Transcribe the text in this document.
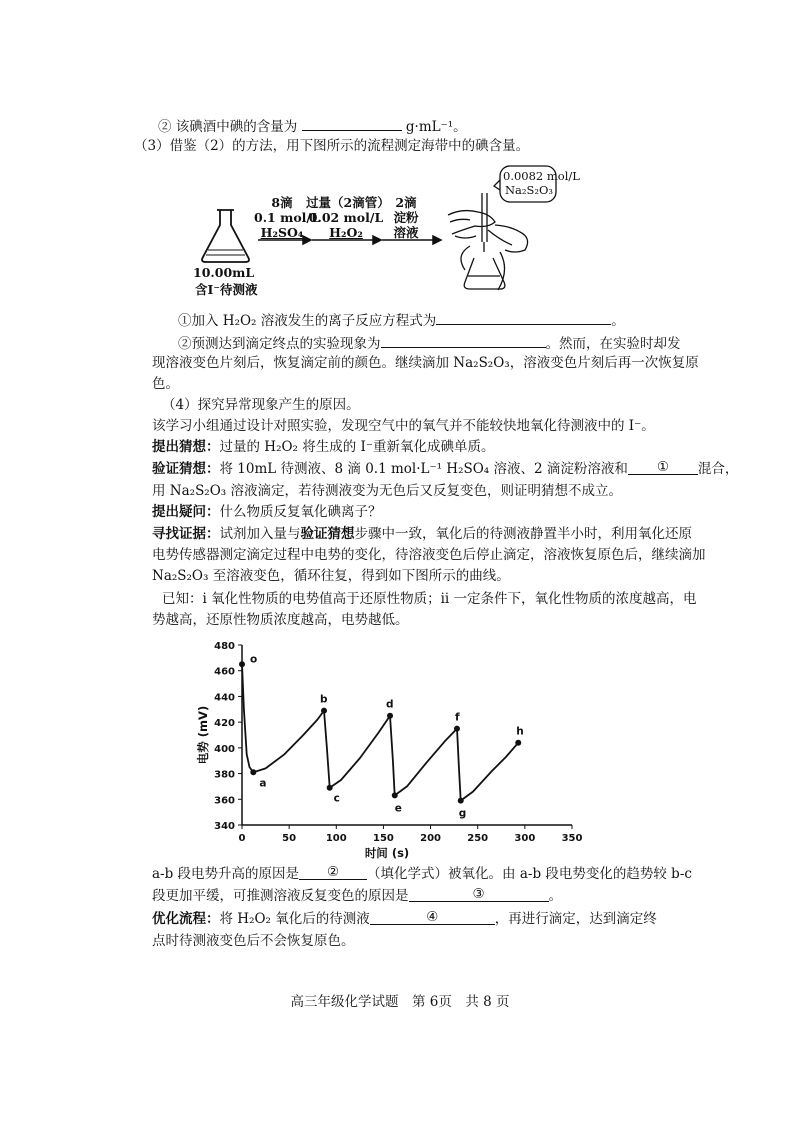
② 该碘酒中碘的含量为	g·mL⁻¹。
（3）借鉴（2）的方法，用下图所示的流程测定海带中的碘含量。
10.00mL
含I⁻待测液
8滴
0.1 mol/L
H₂SO₄
过量（2滴管）
0.02 mol/L
H₂O₂
2滴
淀粉
溶液
0.0082 mol/L
Na₂S₂O₃
①加入 H₂O₂ 溶液发生的离子反应方程式为	。
②预测达到滴定终点的实验现象为	。然而，在实验时却发
现溶液变色片刻后，恢复滴定前的颜色。继续滴加 Na₂S₂O₃，溶液变色片刻后再一次恢复原
色。
（4）探究异常现象产生的原因。
该学习小组通过设计对照实验，发现空气中的氧气并不能较快地氧化待测液中的 I⁻。
提出猜想：过量的 H₂O₂ 将生成的 I⁻重新氧化成碘单质。
验证猜想：将 10mL 待测液、8 滴 0.1 mol·L⁻¹ H₂SO₄ 溶液、2 滴淀粉溶液和 ① 混合，
用 Na₂S₂O₃ 溶液滴定，若待测液变为无色后又反复变色，则证明猜想不成立。
提出疑问：什么物质反复氧化碘离子？
寻找证据：试剂加入量与验证猜想步骤中一致，氧化后的待测液静置半小时，利用氧化还原
电势传感器测定滴定过程中电势的变化，待溶液变色后停止滴定，溶液恢复原色后，继续滴加
Na₂S₂O₃ 至溶液变色，循环往复，得到如下图所示的曲线。
已知：i 氧化性物质的电势值高于还原性物质；ii 一定条件下，氧化性物质的浓度越高，电
势越高，还原性物质浓度越高，电势越低。
340
360
380
400
420
440
460
480
0	50	100	150	200	250	300	350
时间 (s)
电势 (mV)
o
a
b
c
d
e
f
g
h
a-b 段电势升高的原因是 ② （填化学式）被氧化。由 a-b 段电势变化的趋势较 b-c
段更加平缓，可推测溶液反复变色的原因是	③	。
优化流程：将 H₂O₂ 氧化后的待测液	④	，再进行滴定，达到滴定终
点时待测液变色后不会恢复原色。
高三年级化学试题　第 6页　共 8 页
